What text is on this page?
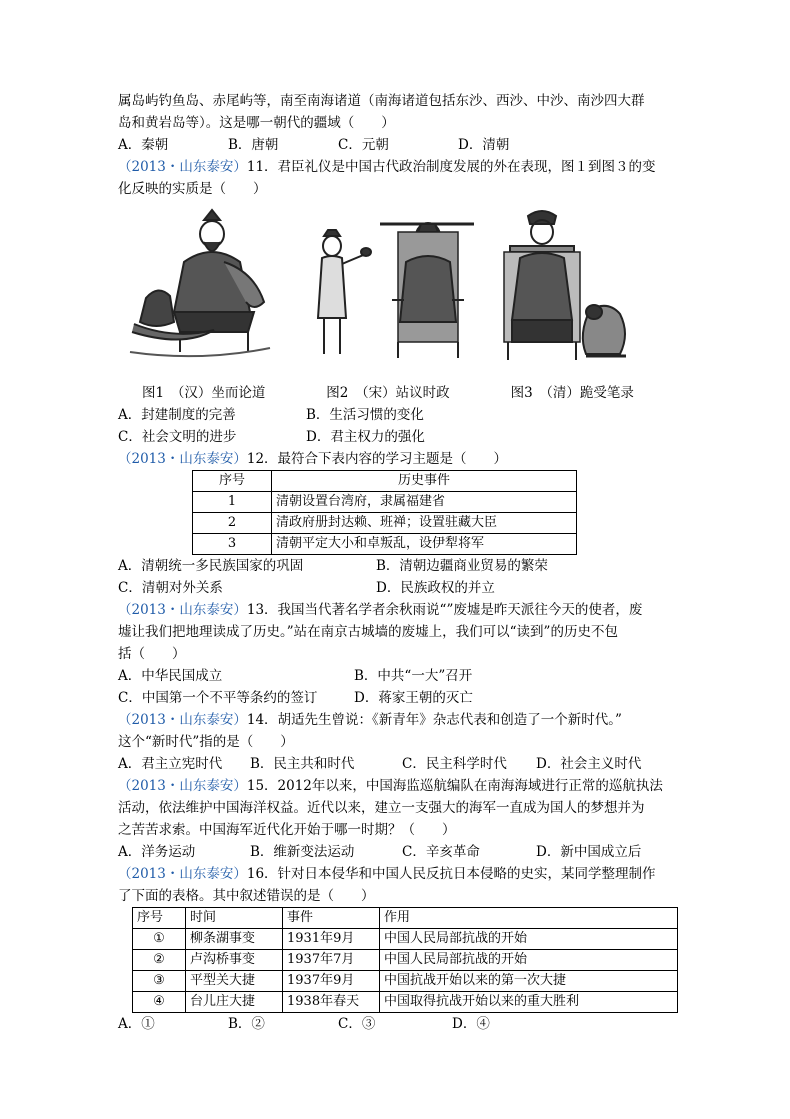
属岛屿钓鱼岛、赤尾屿等，南至南海诸道（南海诸道包括东沙、西沙、中沙、南沙四大群
岛和黄岩岛等）。这是哪一朝代的疆域（　　）
A．秦朝	B．唐朝	C．元朝	D．清朝
（2013・山东泰安）11．君臣礼仪是中国古代政治制度发展的外在表现，图１到图３的变
化反映的实质是（　　）
图1　（汉）坐而论道	图2　（宋）站议时政	图3　（清）跪受笔录
A．封建制度的完善	B．生活习惯的变化
C．社会文明的进步	D．君主权力的强化
（2013・山东泰安）12．最符合下表内容的学习主题是（　　）
序号	历史事件
1	清朝设置台湾府，隶属福建省
2	清政府册封达赖、班禅；设置驻藏大臣
3	清朝平定大小和卓叛乱，设伊犁将军
A．清朝统一多民族国家的巩固	B．清朝边疆商业贸易的繁荣
C．清朝对外关系	D．民族政权的并立
（2013・山东泰安）13．我国当代著名学者余秋雨说“”废墟是昨天派往今天的使者，废
墟让我们把地理读成了历史。”站在南京古城墙的废墟上，我们可以“读到”的历史不包
括（　　）
A．中华民国成立	B．中共“一大”召开
C．中国第一个不平等条约的签订	D．蒋家王朝的灭亡
（2013・山东泰安）14．胡适先生曾说：《新青年》杂志代表和创造了一个新时代。”
这个“新时代”指的是（　　）
A．君主立宪时代	B．民主共和时代	C．民主科学时代	D．社会主义时代
（2013・山东泰安）15．2012年以来，中国海监巡航编队在南海海域进行正常的巡航执法
活动，依法维护中国海洋权益。近代以来，建立一支强大的海军一直成为国人的梦想并为
之苦苦求索。中国海军近代化开始于哪一时期？（　　）
A．洋务运动	B．维新变法运动	C．辛亥革命	D．新中国成立后
（2013・山东泰安）16．针对日本侵华和中国人民反抗日本侵略的史实，某同学整理制作
了下面的表格。其中叙述错误的是（　　）
序号	时间	事件	作用
①	柳条湖事变	1931年9月	中国人民局部抗战的开始
②	卢沟桥事变	1937年7月	中国人民局部抗战的开始
③	平型关大捷	1937年9月	中国抗战开始以来的第一次大捷
④	台儿庄大捷	1938年春天	中国取得抗战开始以来的重大胜利
A．①	B．②	C．③	D．④
